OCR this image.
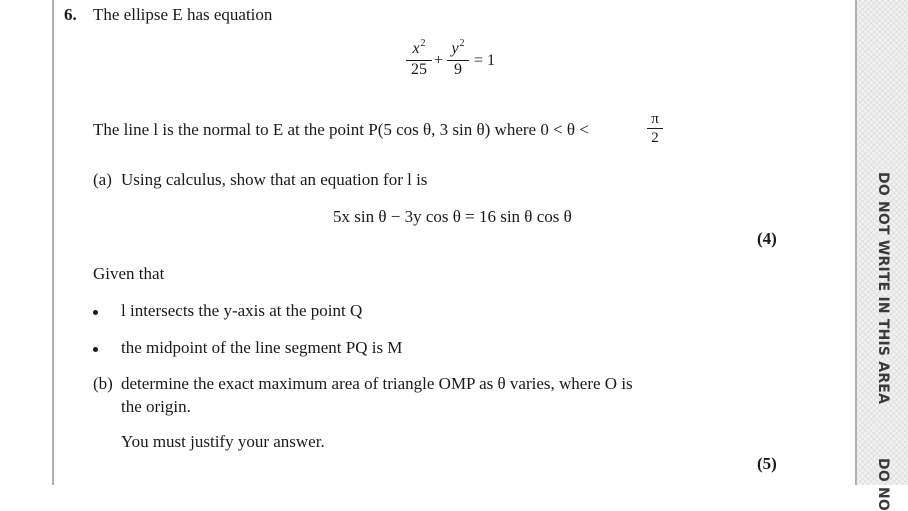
6. The ellipse E has equation
$\frac{x^2}{25} + \frac{y^2}{9} = 1$
The line l is the normal to E at the point P(5 cos θ, 3 sin θ) where 0 < θ <	$\frac{\pi}{2}$
(a) Using calculus, show that an equation for l is
5x sin θ − 3y cos θ = 16 sin θ cos θ
(4)
Given that
l intersects the y-axis at the point Q
the midpoint of the line segment PQ is M
(b) determine the exact maximum area of triangle OMP as θ varies, where O is
the origin.
You must justify your answer.
(5)
